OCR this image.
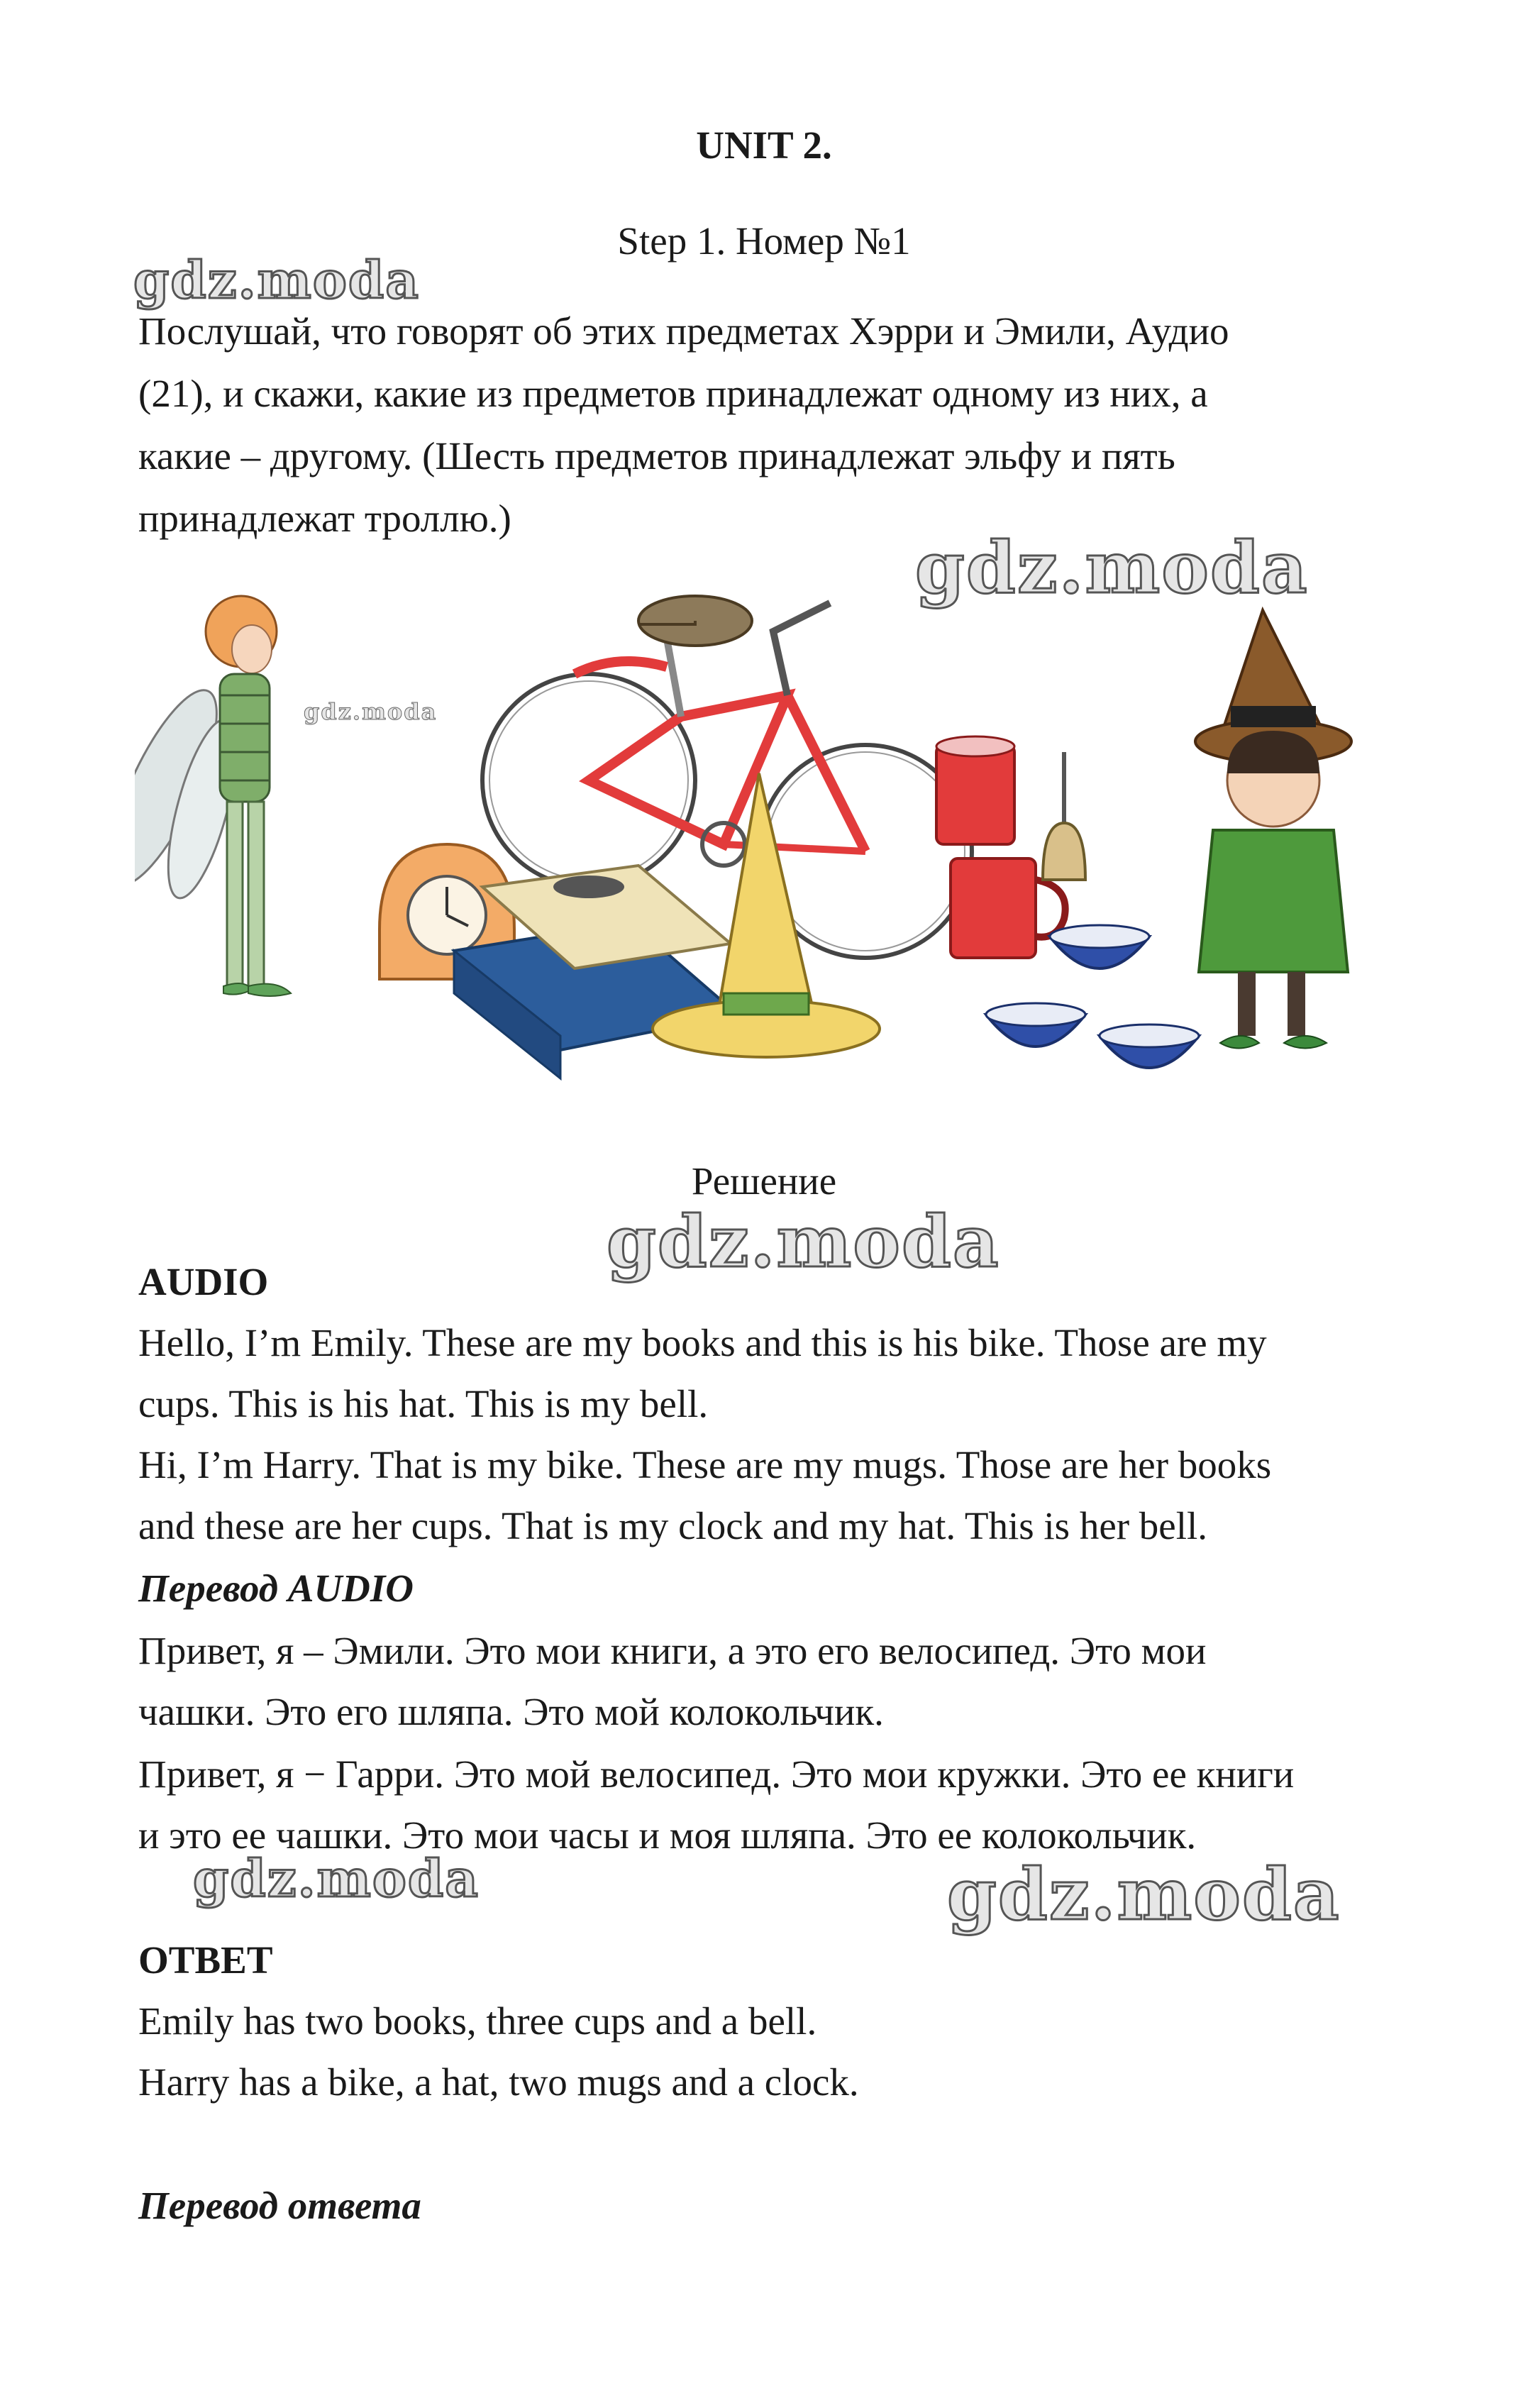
UNIT 2.
Step 1. Номер №1
Послушай, что говорят об этих предметах Хэрри и Эмили, Аудио
(21), и скажи, какие из предметов принадлежат одному из них, а
какие – другому. (Шесть предметов принадлежат эльфу и пять
принадлежат троллю.)
Решение
AUDIO
Hello, I’m Emily. These are my books and this is his bike. Those are my
cups. This is his hat. This is my bell.
Hi, I’m Harry. That is my bike. These are my mugs. Those are her books
and these are her cups. That is my clock and my hat. This is her bell.
Перевод AUDIO
Привет, я – Эмили. Это мои книги, а это его велосипед. Это мои
чашки. Это его шляпа. Это мой колокольчик.
Привет, я − Гарри. Это мой велосипед. Это мои кружки. Это ее книги
и это ее чашки. Это мои часы и моя шляпа. Это ее колокольчик.
ОТВЕТ
Emily has two books, three cups and a bell.
Harry has a bike, a hat, two mugs and a clock.
Перевод ответа
gdz.moda
gdz.moda
gdz.moda
gdz.moda
gdz.moda	gdz.moda
